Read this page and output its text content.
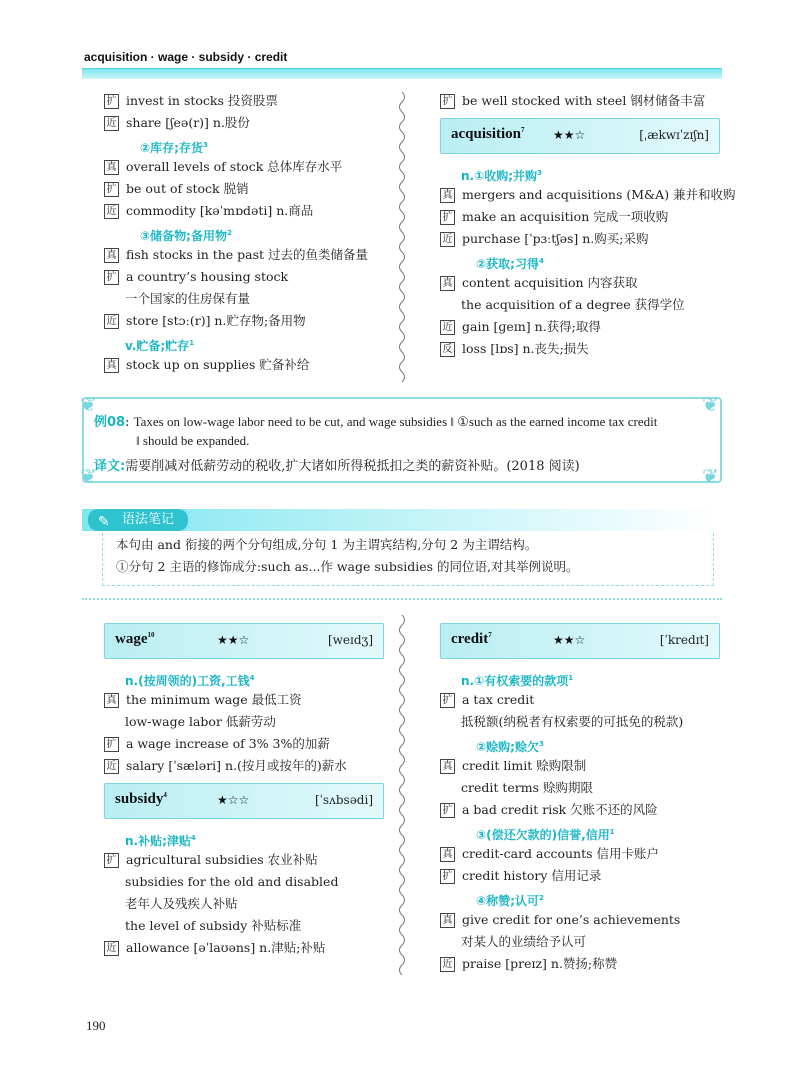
acquisition · wage · subsidy · credit
扩 invest in stocks 投资股票
近 share [ʃeə(r)] n.股份
②库存;存货$^3$
真 overall levels of stock 总体库存水平
扩 be out of stock 脱销
近 commodity [kəˈmɒdəti] n.商品
③储备物;备用物$^2$
真 fish stocks in the past 过去的鱼类储备量
扩 a country’s housing stock
一个国家的住房保有量
近 store [stɔː(r)] n.贮存物;备用物
v.贮备;贮存$^1$
真 stock up on supplies 贮备补给
扩 be well stocked with steel 钢材储备丰富
acquisition$^7$ ★★☆	[ˌækwɪˈzɪʃn]
n.①收购;并购$^3$
真 mergers and acquisitions (M&A) 兼并和收购
扩 make an acquisition 完成一项收购
近 purchase [ˈpɜːtʃəs] n.购买;采购
②获取;习得$^4$
真 content acquisition 内容获取
the acquisition of a degree 获得学位
近 gain [ɡeɪn] n.获得;取得
反 loss [lɒs] n.丧失;损失
❦	❦
❦	❦
例08: Taxes on low-wage labor need to be cut, and wage subsidies ‖ ①such as the earned income tax credit
‖ should be expanded.
译文:需要削减对低薪劳动的税收,扩大诸如所得税抵扣之类的薪资补贴。(2018 阅读)
✎ 语法笔记
本句由 and 衔接的两个分句组成,分句 1 为主谓宾结构,分句 2 为主谓结构。
①分句 2 主语的修饰成分:such as...作 wage subsidies 的同位语,对其举例说明。
wage$^{10}$	★★☆	[weɪdʒ]
n.(按周领的)工资,工钱$^4$
真 the minimum wage 最低工资
low-wage labor 低薪劳动
扩 a wage increase of 3% 3%的加薪
近 salary [ˈsæləri] n.(按月或按年的)薪水
subsidy$^4$	★☆☆	[ˈsʌbsədi]
n.补贴;津贴$^4$
扩 agricultural subsidies 农业补贴
subsidies for the old and disabled
老年人及残疾人补贴
the level of subsidy 补贴标准
近 allowance [əˈlaʊəns] n.津贴;补贴
credit$^7$	★★☆	[ˈkredɪt]
n.①有权索要的款项$^1$
扩 a tax credit
抵税额(纳税者有权索要的可抵免的税款)
②赊购;赊欠$^3$
真 credit limit 赊购限制
credit terms 赊购期限
扩 a bad credit risk 欠账不还的风险
③(偿还欠款的)信誉,信用$^1$
真 credit-card accounts 信用卡账户
扩 credit history 信用记录
④称赞;认可$^2$
真 give credit for one’s achievements
对某人的业绩给予认可
近 praise [preɪz] n.赞扬;称赞
190
